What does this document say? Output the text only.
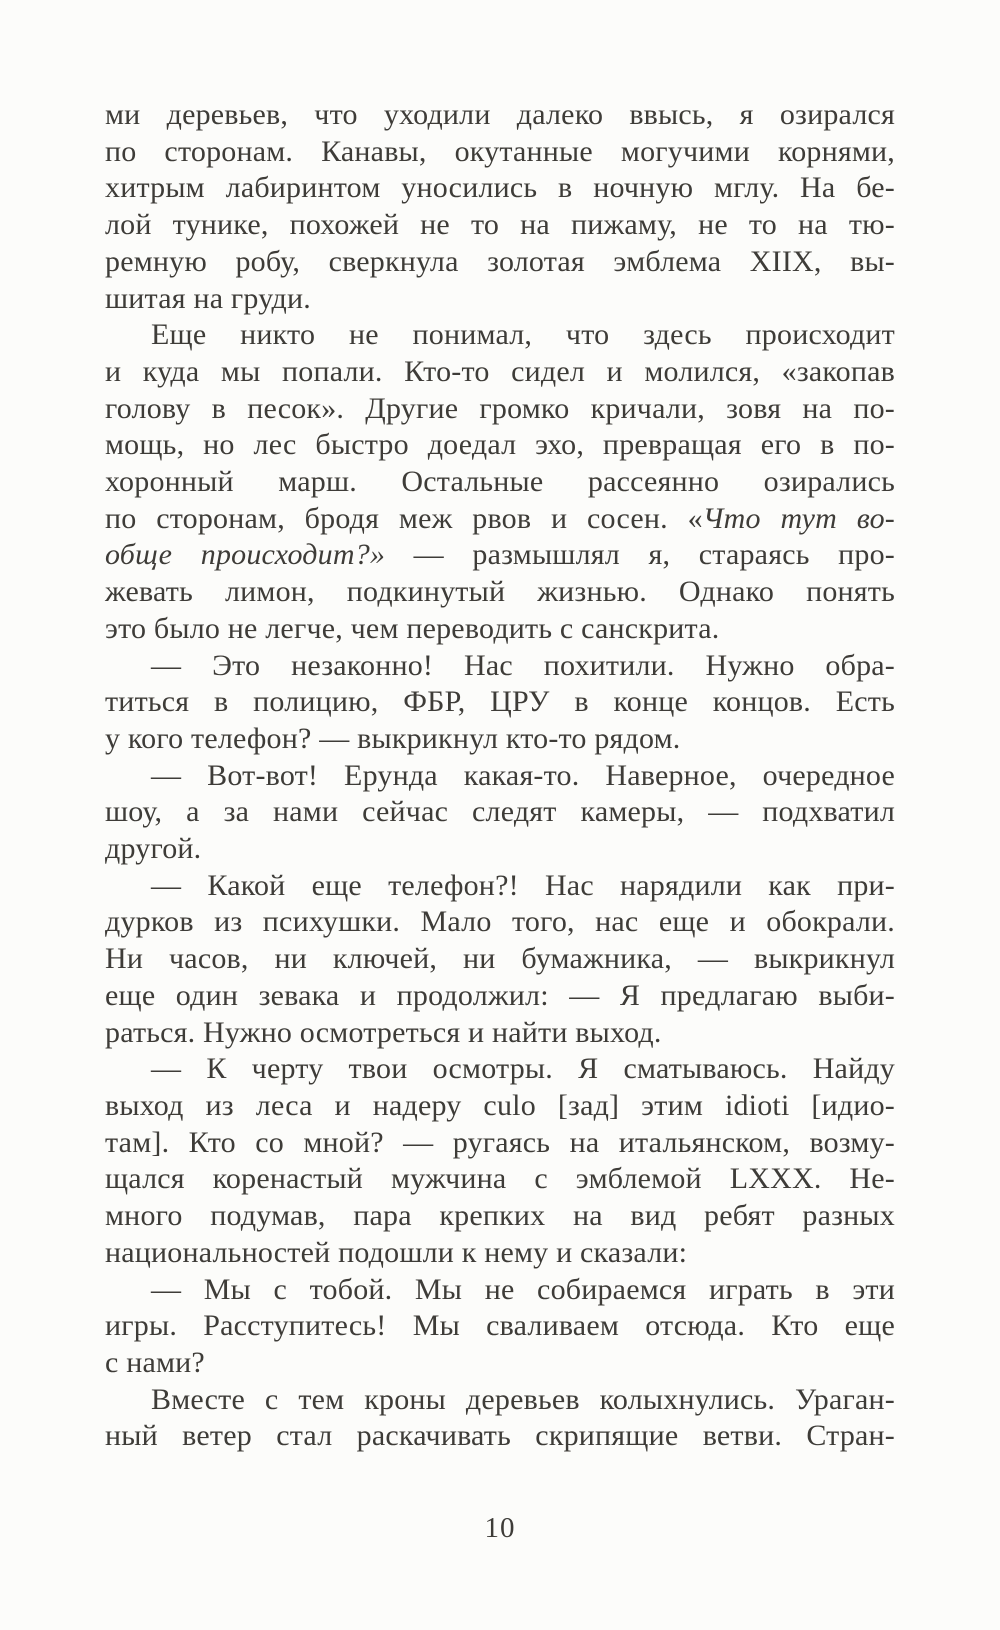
ми деревьев, что уходили далеко ввысь, я озирался
по сторонам. Канавы, окутанные могучими корнями,
хитрым лабиринтом уносились в ночную мглу. На бе-
лой тунике, похожей не то на пижаму, не то на тю-
ремную робу, сверкнула золотая эмблема XIIX, вы-
шитая на груди.
Еще никто не понимал, что здесь происходит
и куда мы попали. Кто-то сидел и молился, «закопав
голову в песок». Другие громко кричали, зовя на по-
мощь, но лес быстро доедал эхо, превращая его в по-
хоронный марш. Остальные рассеянно озирались
по сторонам, бродя меж рвов и сосен. «Что тут во-
обще происходит?» — размышлял я, стараясь про-
жевать лимон, подкинутый жизнью. Однако понять
это было не легче, чем переводить с санскрита.
— Это незаконно! Нас похитили. Нужно обра-
титься в полицию, ФБР, ЦРУ в конце концов. Есть
у кого телефон? — выкрикнул кто-то рядом.
— Вот-вот! Ерунда какая-то. Наверное, очередное
шоу, а за нами сейчас следят камеры, — подхватил
другой.
— Какой еще телефон?! Нас нарядили как при-
дурков из психушки. Мало того, нас еще и обокрали.
Ни часов, ни ключей, ни бумажника, — выкрикнул
еще один зевака и продолжил: — Я предлагаю выби-
раться. Нужно осмотреться и найти выход.
— К черту твои осмотры. Я сматываюсь. Найду
выход из леса и надеру culo [зад] этим idioti [идио-
там]. Кто со мной? — ругаясь на итальянском, возму-
щался коренастый мужчина с эмблемой LXXX. Не-
много подумав, пара крепких на вид ребят разных
национальностей подошли к нему и сказали:
— Мы с тобой. Мы не собираемся играть в эти
игры. Расступитесь! Мы сваливаем отсюда. Кто еще
с нами?
Вместе с тем кроны деревьев колыхнулись. Ураган-
ный ветер стал раскачивать скрипящие ветви. Стран-
10
